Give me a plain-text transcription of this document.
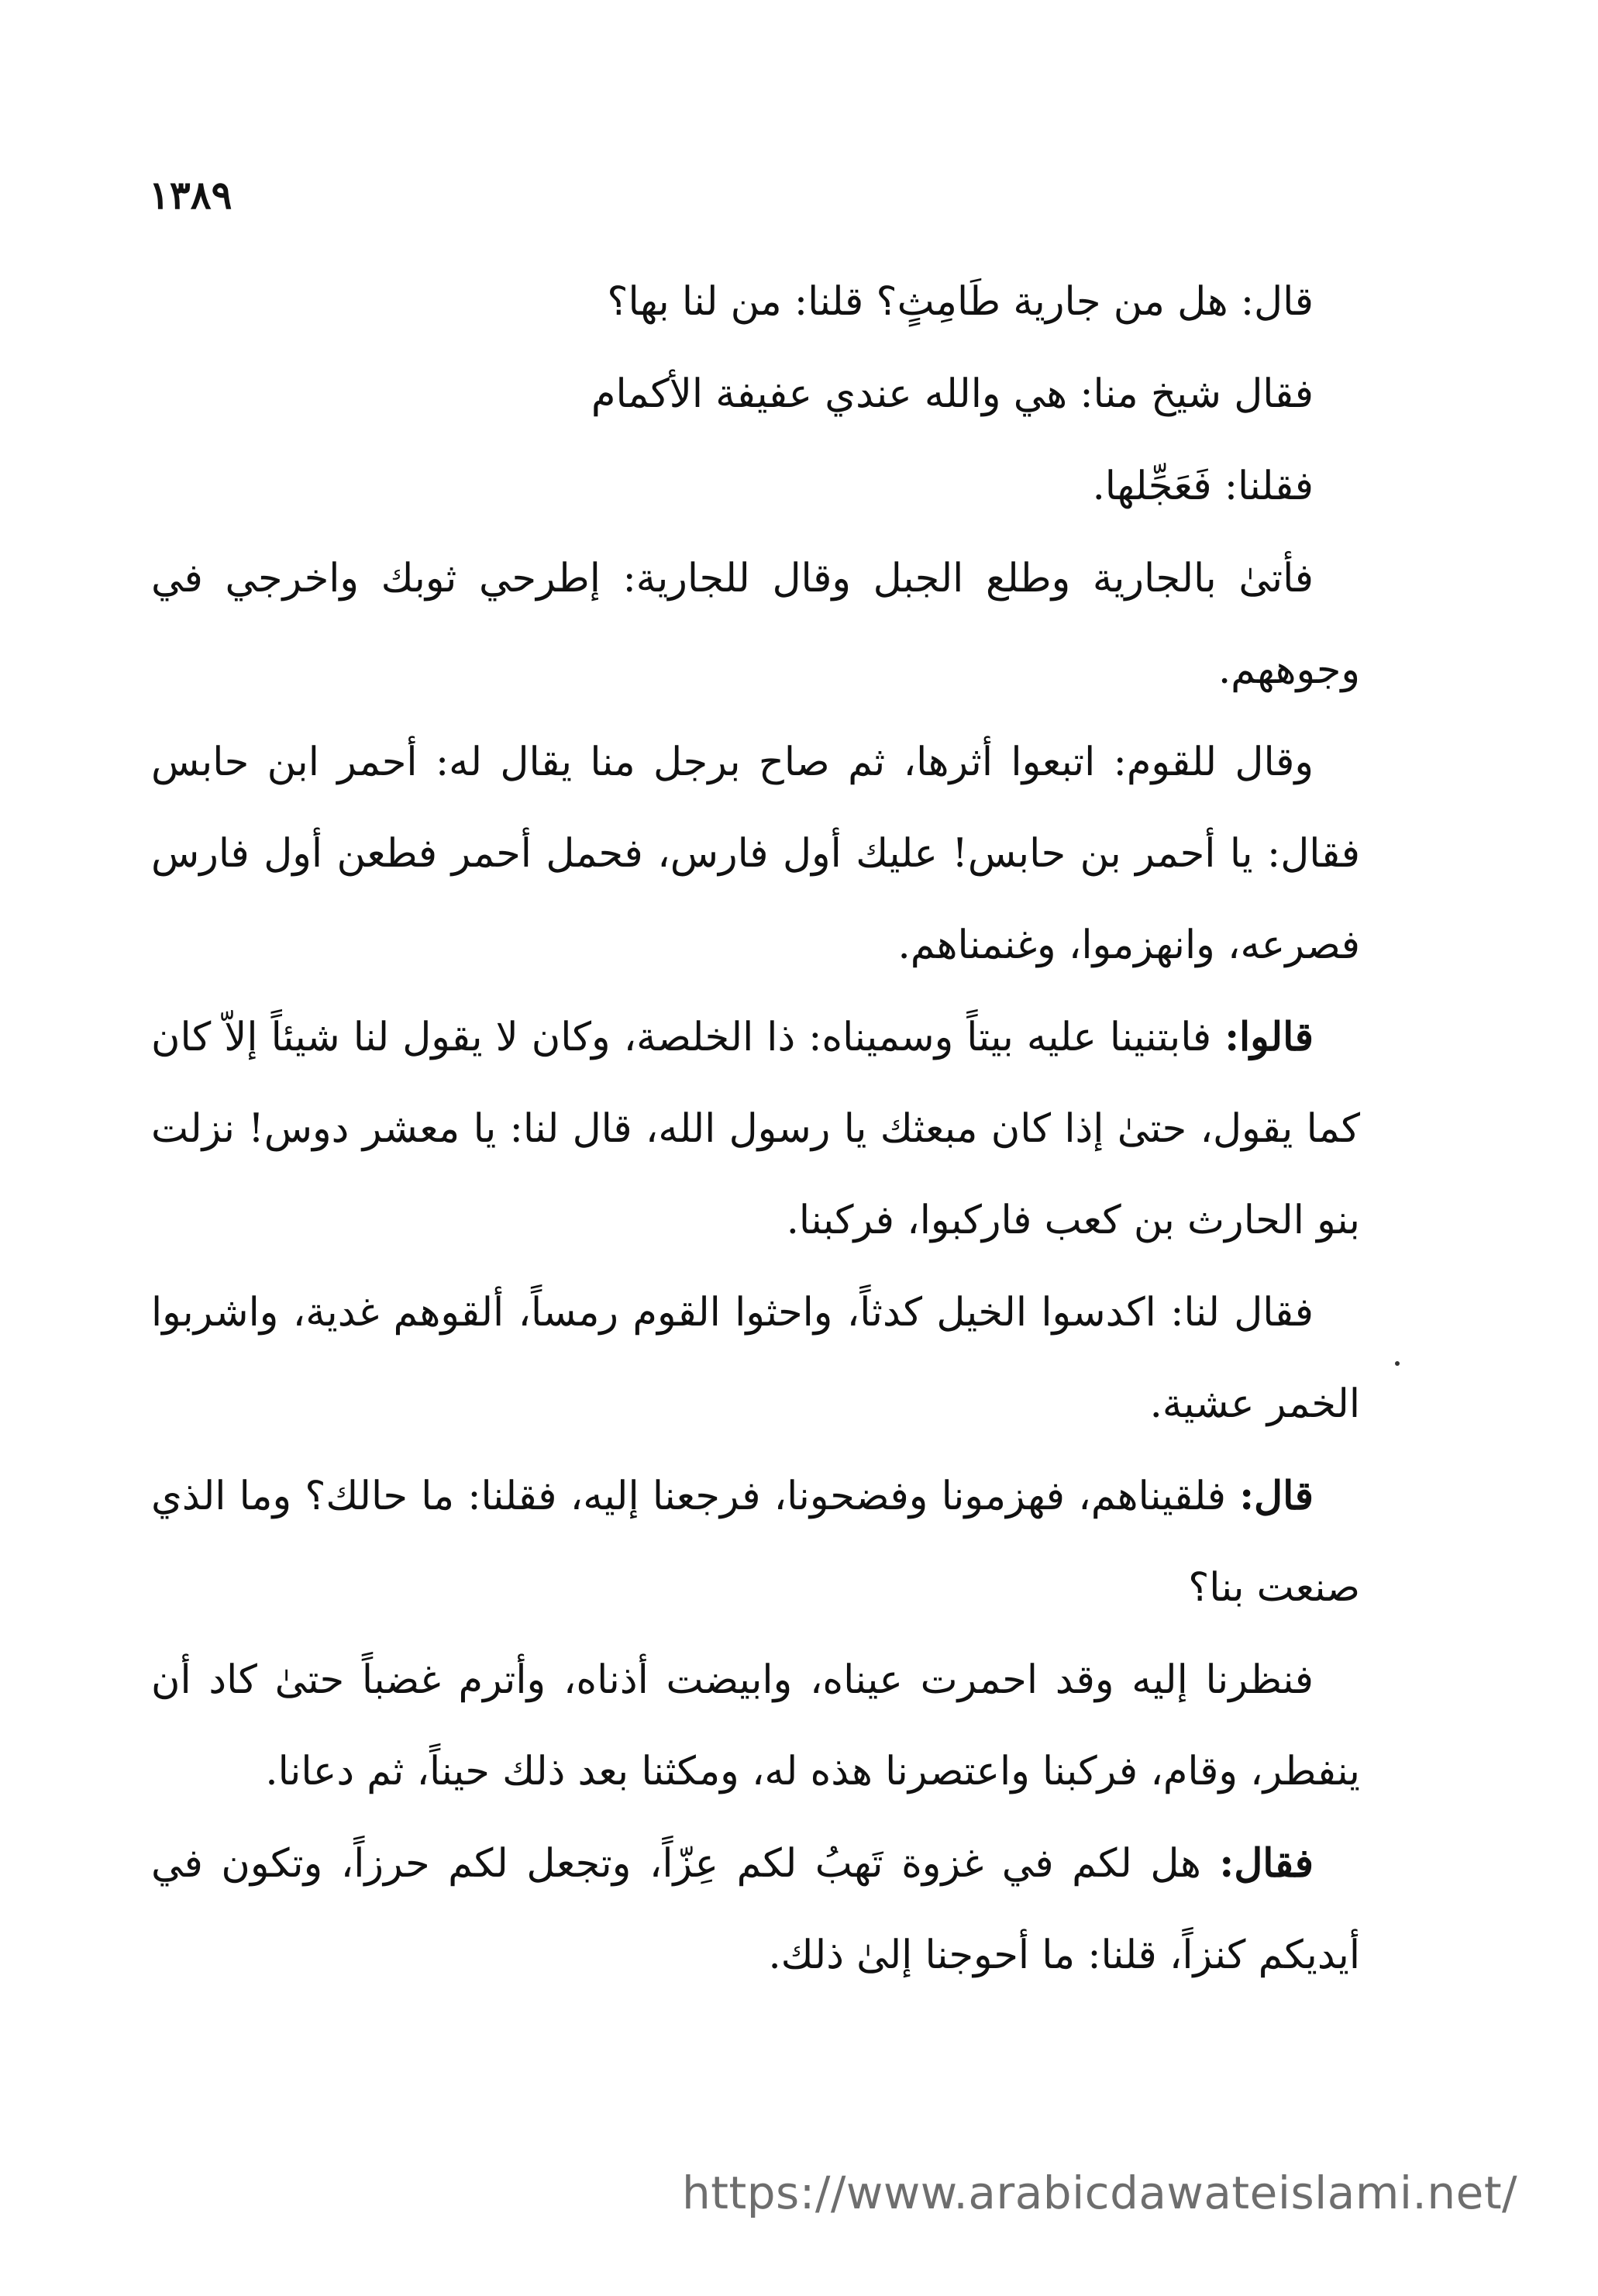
١٣٨٩

قال: هل من جارية طَامِثٍ؟ قلنا: من لنا بها؟

فقال شيخ منا: هي والله عندي عفيفة الأكمام

فقلنا: فَعَجِّلها.

فأتىٰ بالجارية وطلع الجبل وقال للجارية: إطرحي ثوبك واخرجي في وجوههم.

وقال للقوم: اتبعوا أثرها، ثم صاح برجل منا يقال له: أحمر ابن حابس فقال: يا أحمر بن حابس! عليك أول فارس، فحمل أحمر فطعن أول فارس فصرعه، وانهزموا، وغنمناهم.

قالوا: فابتنينا عليه بيتاً وسميناه: ذا الخلصة، وكان لا يقول لنا شيئاً إلاّ كان كما يقول، حتىٰ إذا كان مبعثك يا رسول الله، قال لنا: يا معشر دوس! نزلت بنو الحارث بن كعب فاركبوا، فركبنا.

فقال لنا: اكدسوا الخيل كدثاً، واحثوا القوم رمساً، ألقوهم غدية، واشربوا الخمر عشية.

قال: فلقيناهم، فهزمونا وفضحونا، فرجعنا إليه، فقلنا: ما حالك؟ وما الذي صنعت بنا؟

فنظرنا إليه وقد احمرت عيناه، وابيضت أذناه، وأترم غضباً حتىٰ كاد أن ينفطر، وقام، فركبنا واعتصرنا هذه له، ومكثنا بعد ذلك حيناً، ثم دعانا.

فقال: هل لكم في غزوة تَهبُ لكم عِزّاً، وتجعل لكم حرزاً، وتكون في أيديكم كنزاً، قلنا: ما أحوجنا إلىٰ ذلك.

https://www.arabicdawateislami.net/
